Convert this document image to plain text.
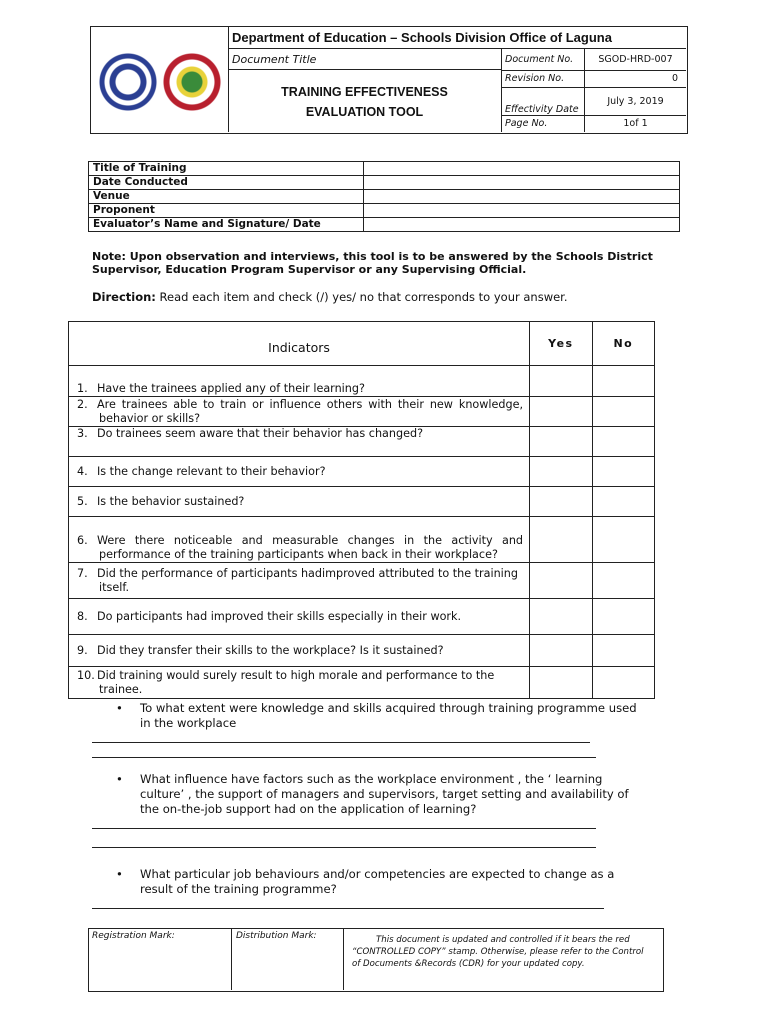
Department of Education – Schools Division Office of Laguna
Document Title
TRAINING EFFECTIVENESS
EVALUATION TOOL
Document No.	SGOD-HRD-007
Revision No.	0
Effectivity Date	July 3, 2019
Page No.	1of 1
Title of Training	
Date Conducted	
Venue	
Proponent	
Evaluator’s Name and Signature/ Date	
Note: Upon observation and interviews, this tool is to be answered by the Schools District Supervisor, Education Program Supervisor or any Supervising Official.
Direction: Read each item and check (/) yes/ no that corresponds to your answer.
Indicators	Yes	No
1. Have the trainees applied any of their learning?		
2. Are trainees able to train or influence others with their new knowledge, behavior or skills?		
3. Do trainees seem aware that their behavior has changed?		
4. Is the change relevant to their behavior?		
5. Is the behavior sustained?		
6. Were there noticeable and measurable changes in the activity and performance of the training participants when back in their workplace?		
7. Did the performance of participants hadimproved attributed to the training itself.		
8. Do participants had improved their skills especially in their work.		
9. Did they transfer their skills to the workplace? Is it sustained?		
10. Did training would surely result to high morale and performance to the trainee.		
•	To what extent were knowledge and skills acquired through training programme used in the workplace
•	What influence have factors such as the workplace environment , the ‘ learning culture’ , the support of managers and supervisors, target setting and availability of the on-the-job support had on the application of learning?
•	What particular job behaviours and/or competencies are expected to change as a result of the training programme?
Registration Mark:	Distribution Mark:	This document is updated and controlled if it bears the red “CONTROLLED COPY” stamp. Otherwise, please refer to the Control of Documents &Records (CDR) for your updated copy.
